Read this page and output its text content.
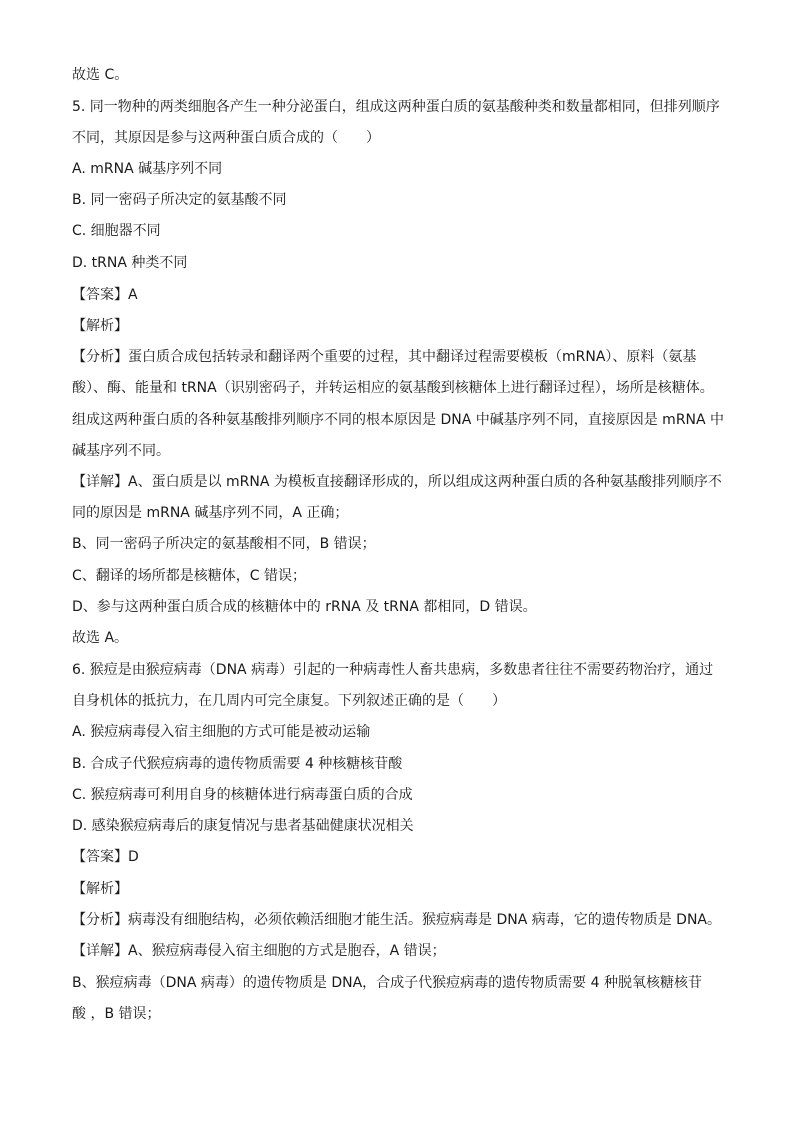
故选 C。
5. 同一物种的两类细胞各产生一种分泌蛋白，组成这两种蛋白质的氨基酸种类和数量都相同，但排列顺序
不同，其原因是参与这两种蛋白质合成的（　　）
A. mRNA 碱基序列不同
B. 同一密码子所决定的氨基酸不同
C. 细胞器不同
D. tRNA 种类不同
【答案】A
【解析】
【分析】蛋白质合成包括转录和翻译两个重要的过程，其中翻译过程需要模板（mRNA）、原料（氨基
酸）、酶、能量和 tRNA（识别密码子，并转运相应的氨基酸到核糖体上进行翻译过程），场所是核糖体。
组成这两种蛋白质的各种氨基酸排列顺序不同的根本原因是 DNA 中碱基序列不同，直接原因是 mRNA 中
碱基序列不同。
【详解】A、蛋白质是以 mRNA 为模板直接翻译形成的，所以组成这两种蛋白质的各种氨基酸排列顺序不
同的原因是 mRNA 碱基序列不同，A 正确；
B、同一密码子所决定的氨基酸相不同，B 错误；
C、翻译的场所都是核糖体，C 错误；
D、参与这两种蛋白质合成的核糖体中的 rRNA 及 tRNA 都相同，D 错误。
故选 A。
6. 猴痘是由猴痘病毒（DNA 病毒）引起的一种病毒性人畜共患病，多数患者往往不需要药物治疗，通过
自身机体的抵抗力，在几周内可完全康复。下列叙述正确的是（　　）
A. 猴痘病毒侵入宿主细胞的方式可能是被动运输
B. 合成子代猴痘病毒的遗传物质需要 4 种核糖核苷酸
C. 猴痘病毒可利用自身的核糖体进行病毒蛋白质的合成
D. 感染猴痘病毒后的康复情况与患者基础健康状况相关
【答案】D
【解析】
【分析】病毒没有细胞结构，必须依赖活细胞才能生活。猴痘病毒是 DNA 病毒，它的遗传物质是 DNA。
【详解】A、猴痘病毒侵入宿主细胞的方式是胞吞，A 错误；
B、猴痘病毒（DNA 病毒）的遗传物质是 DNA，合成子代猴痘病毒的遗传物质需要 4 种脱氧核糖核苷
酸 ，B 错误；
